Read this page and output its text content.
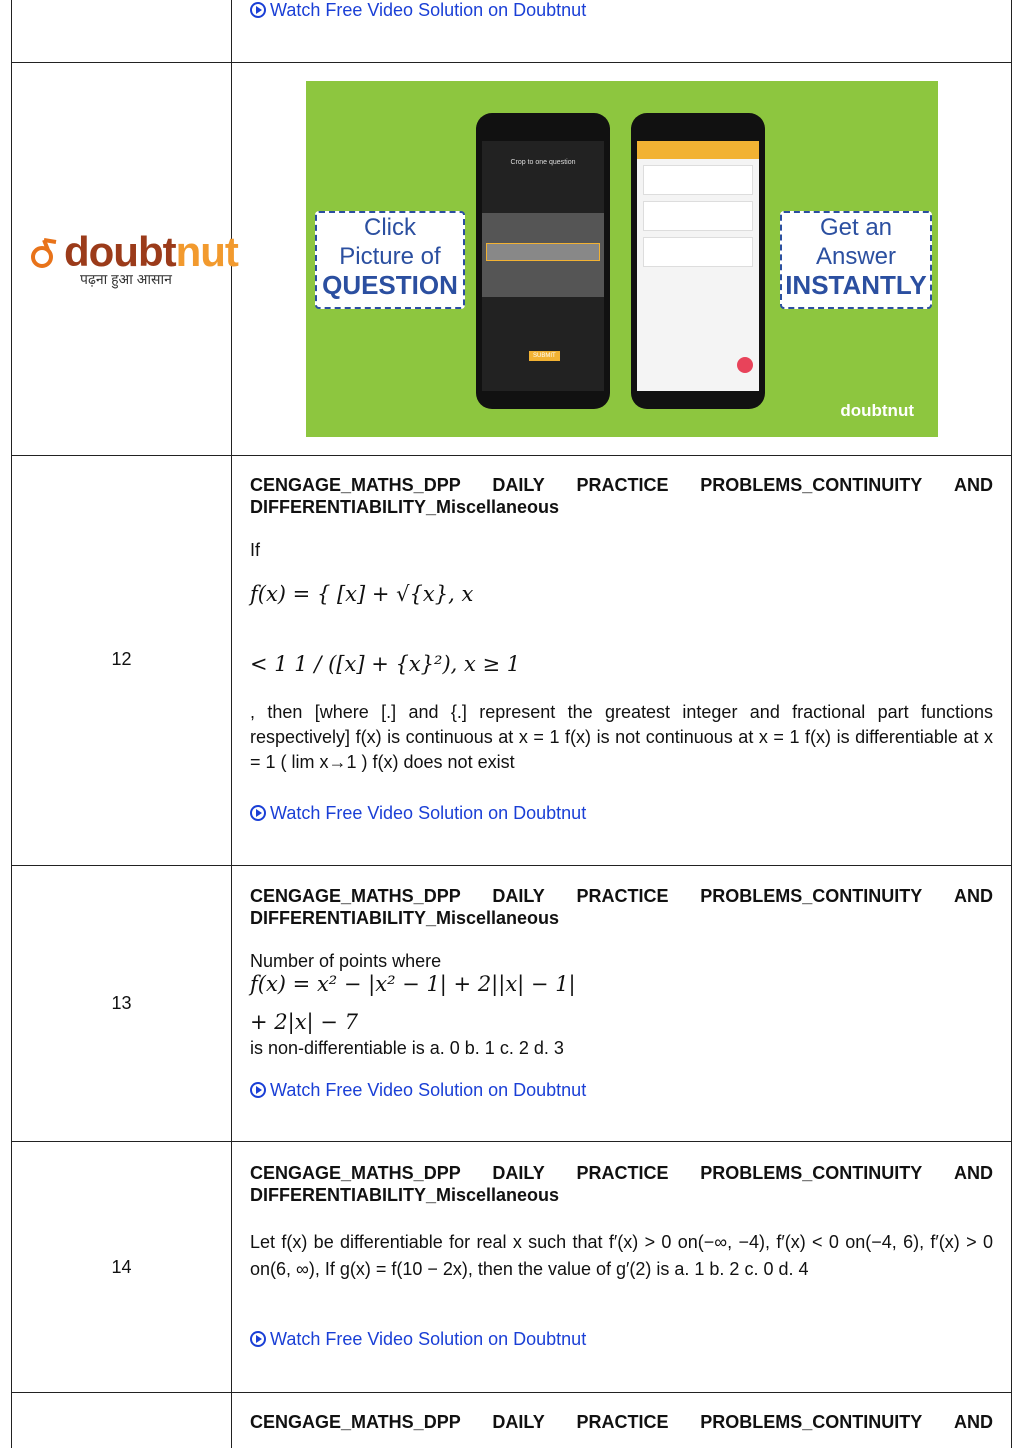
Watch Free Video Solution on Doubtnut
doubtnut
पढ़ना हुआ आसान
Click
Picture of
QUESTION
Crop to one question
SUBMIT
Get an
Answer
INSTANTLY
doubtnut
12
CENGAGE_MATHS_DPP DAILY PRACTICE PROBLEMS_CONTINUITY AND
DIFFERENTIABILITY_Miscellaneous
If
f(x) = { [x] + √{x}, x
< 1 1 / ([x] + {x}²), x ≥ 1
, then [where [.] and {.] represent the greatest integer and fractional part functions respectively] f(x) is continuous at x = 1 f(x) is not continuous at x = 1 f(x) is differentiable at x = 1 ( lim x→1 ) f(x) does not exist
Watch Free Video Solution on Doubtnut
13
CENGAGE_MATHS_DPP DAILY PRACTICE PROBLEMS_CONTINUITY AND
DIFFERENTIABILITY_Miscellaneous
Number of points where
f(x) = x² − |x² − 1| + 2||x| − 1|
+ 2|x| − 7
is non-differentiable is a. 0 b. 1 c. 2 d. 3
Watch Free Video Solution on Doubtnut
14
CENGAGE_MATHS_DPP DAILY PRACTICE PROBLEMS_CONTINUITY AND
DIFFERENTIABILITY_Miscellaneous
Let f(x) be differentiable for real x such that f′(x) > 0 on(−∞, −4), f′(x) < 0 on(−4, 6), f′(x) > 0 on(6, ∞), If g(x) = f(10 − 2x), then the value of g′(2) is a. 1 b. 2 c. 0 d. 4
Watch Free Video Solution on Doubtnut
CENGAGE_MATHS_DPP DAILY PRACTICE PROBLEMS_CONTINUITY AND
